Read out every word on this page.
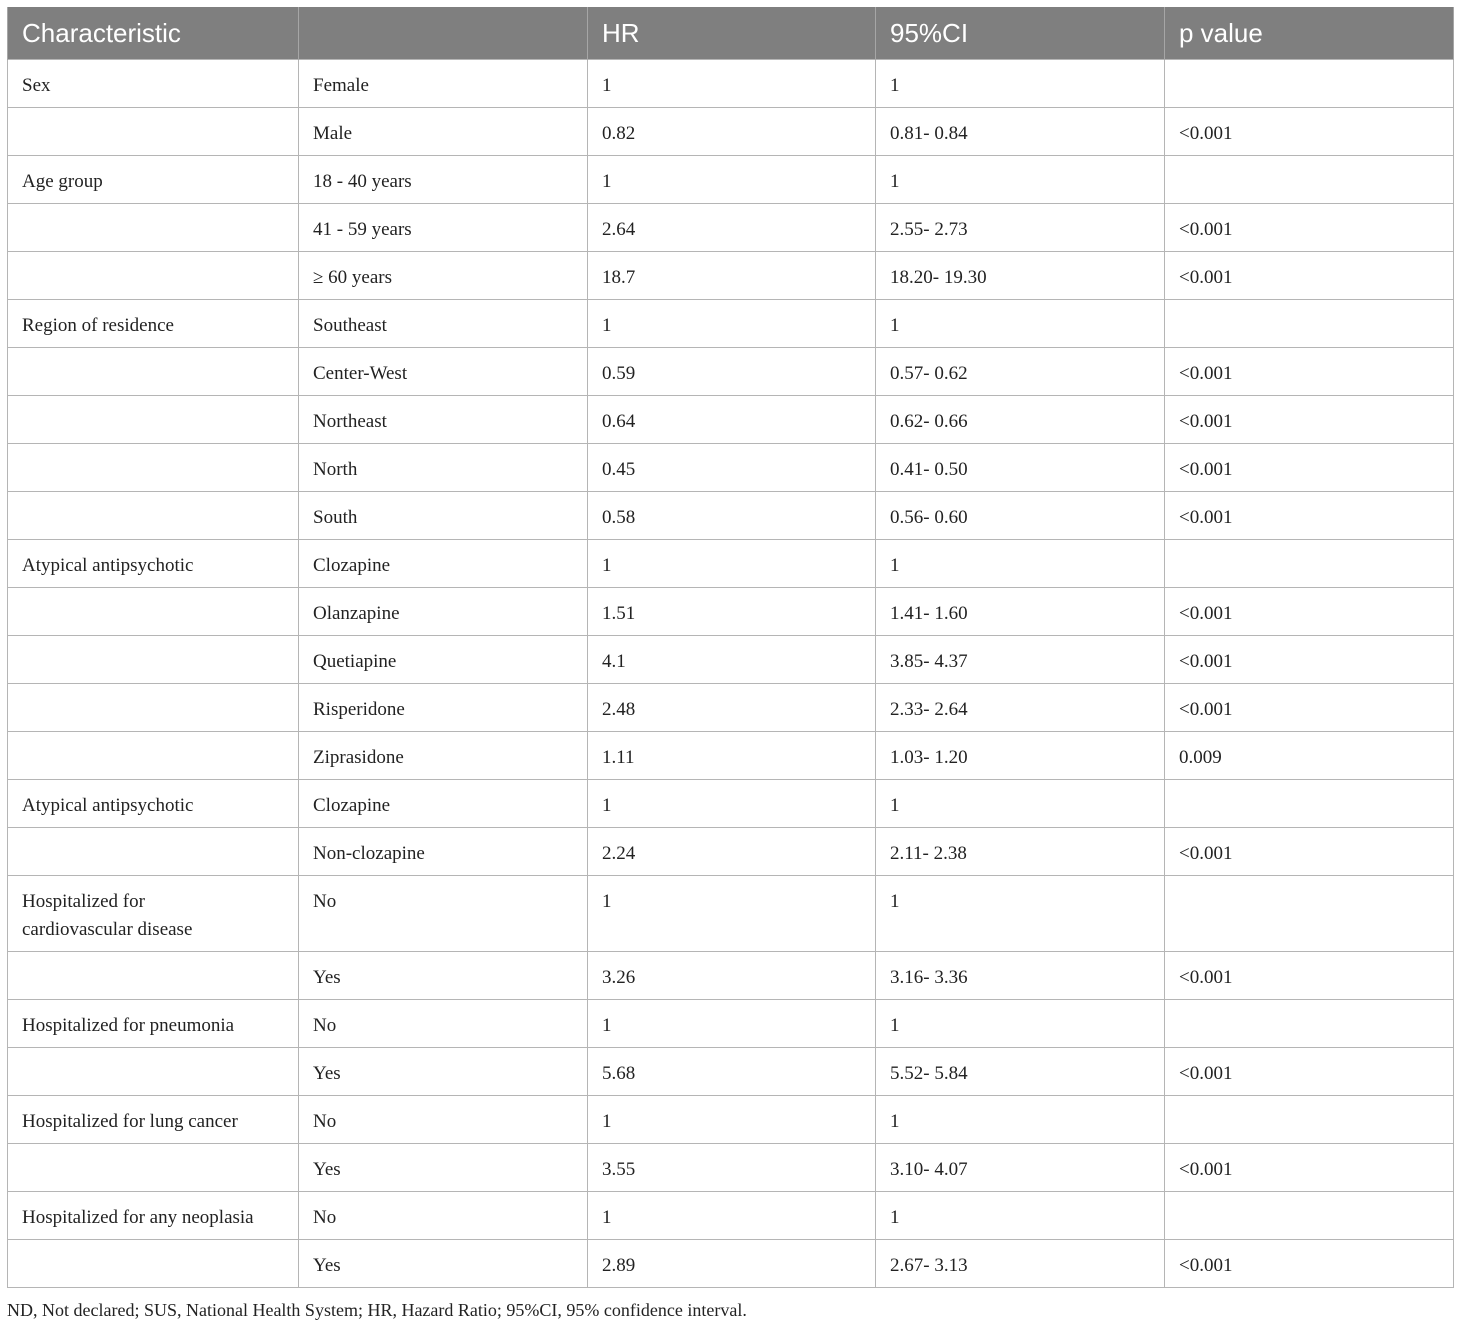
Characteristic		HR	95%CI	p value
Sex	Female	1	1	
	Male	0.82	0.81- 0.84	<0.001
Age group	18 - 40 years	1	1	
	41 - 59 years	2.64	2.55- 2.73	<0.001
	≥ 60 years	18.7	18.20- 19.30	<0.001
Region of residence	Southeast	1	1	
	Center-West	0.59	0.57- 0.62	<0.001
	Northeast	0.64	0.62- 0.66	<0.001
	North	0.45	0.41- 0.50	<0.001
	South	0.58	0.56- 0.60	<0.001
Atypical antipsychotic	Clozapine	1	1	
	Olanzapine	1.51	1.41- 1.60	<0.001
	Quetiapine	4.1	3.85- 4.37	<0.001
	Risperidone	2.48	2.33- 2.64	<0.001
	Ziprasidone	1.11	1.03- 1.20	0.009
Atypical antipsychotic	Clozapine	1	1	
	Non-clozapine	2.24	2.11- 2.38	<0.001
Hospitalized for
cardiovascular disease	No	1	1	
	Yes	3.26	3.16- 3.36	<0.001
Hospitalized for pneumonia	No	1	1	
	Yes	5.68	5.52- 5.84	<0.001
Hospitalized for lung cancer	No	1	1	
	Yes	3.55	3.10- 4.07	<0.001
Hospitalized for any neoplasia	No	1	1	
	Yes	2.89	2.67- 3.13	<0.001

ND, Not declared; SUS, National Health System; HR, Hazard Ratio; 95%CI, 95% confidence interval.
